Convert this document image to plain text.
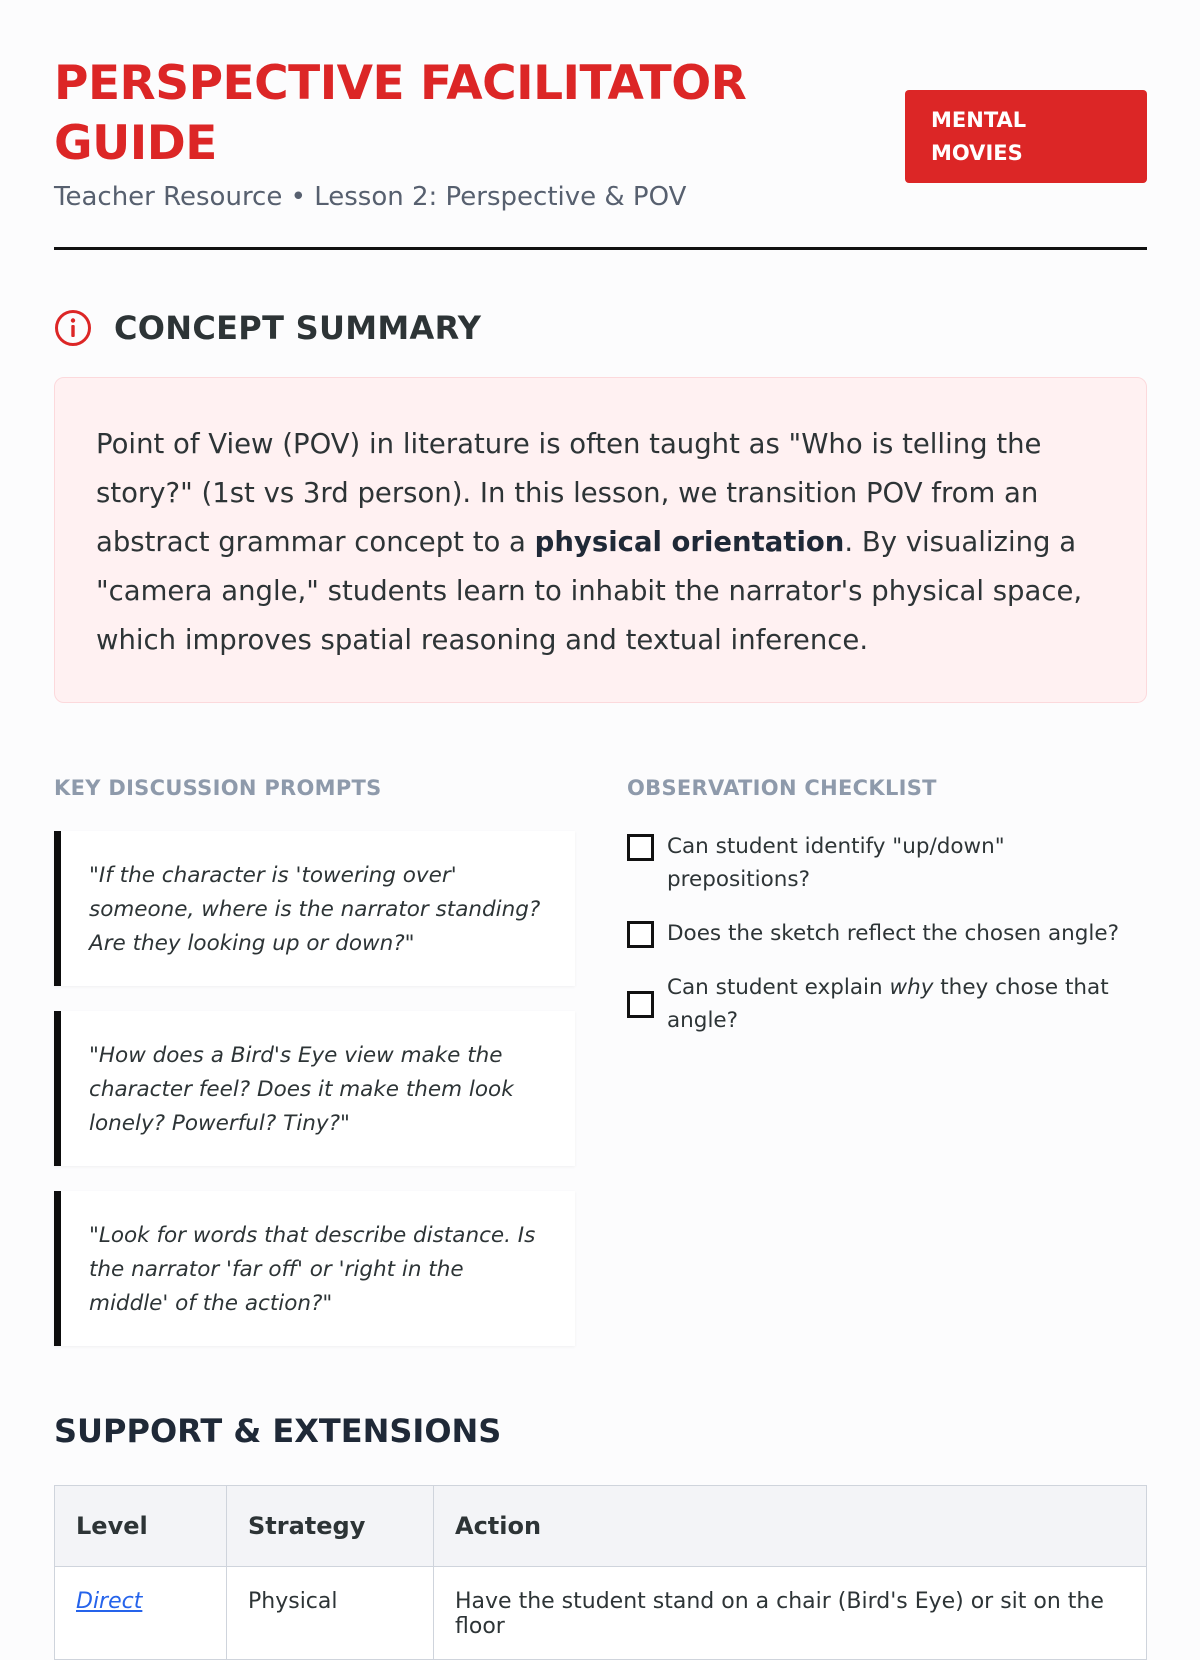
PERSPECTIVE FACILITATOR GUIDE
Teacher Resource • Lesson 2: Perspective & POV
MENTAL
MOVIES
CONCEPT SUMMARY
Point of View (POV) in literature is often taught as "Who is telling the story?" (1st vs 3rd person). In this lesson, we transition POV from an abstract grammar concept to a physical orientation. By visualizing a "camera angle," students learn to inhabit the narrator's physical space, which improves spatial reasoning and textual inference.
KEY DISCUSSION PROMPTS	OBSERVATION CHECKLIST
"If the character is 'towering over' someone, where is the narrator standing? Are they looking up or down?"
"How does a Bird's Eye view make the character feel? Does it make them look lonely? Powerful? Tiny?"
"Look for words that describe distance. Is the narrator 'far off' or 'right in the middle' of the action?"
Can student identify "up/down" prepositions?
Does the sketch reflect the chosen angle?
Can student explain why they chose that angle?
SUPPORT & EXTENSIONS
Level	Strategy	Action
Direct	Physical	Have the student stand on a chair (Bird's Eye) or sit on the floor
